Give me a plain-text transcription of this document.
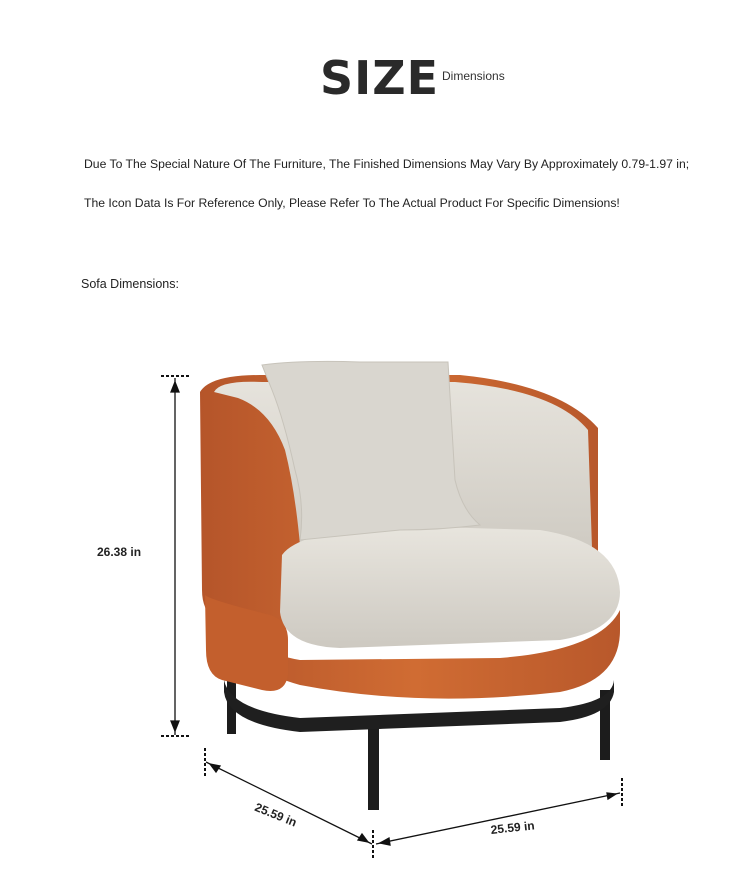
SIZE Dimensions
Due To The Special Nature Of The Furniture, The Finished Dimensions May Vary By Approximately 0.79-1.97 in;
The Icon Data Is For Reference Only, Please Refer To The Actual Product For Specific Dimensions!
Sofa Dimensions:
26.38 in
25.59 in	25.59 in
